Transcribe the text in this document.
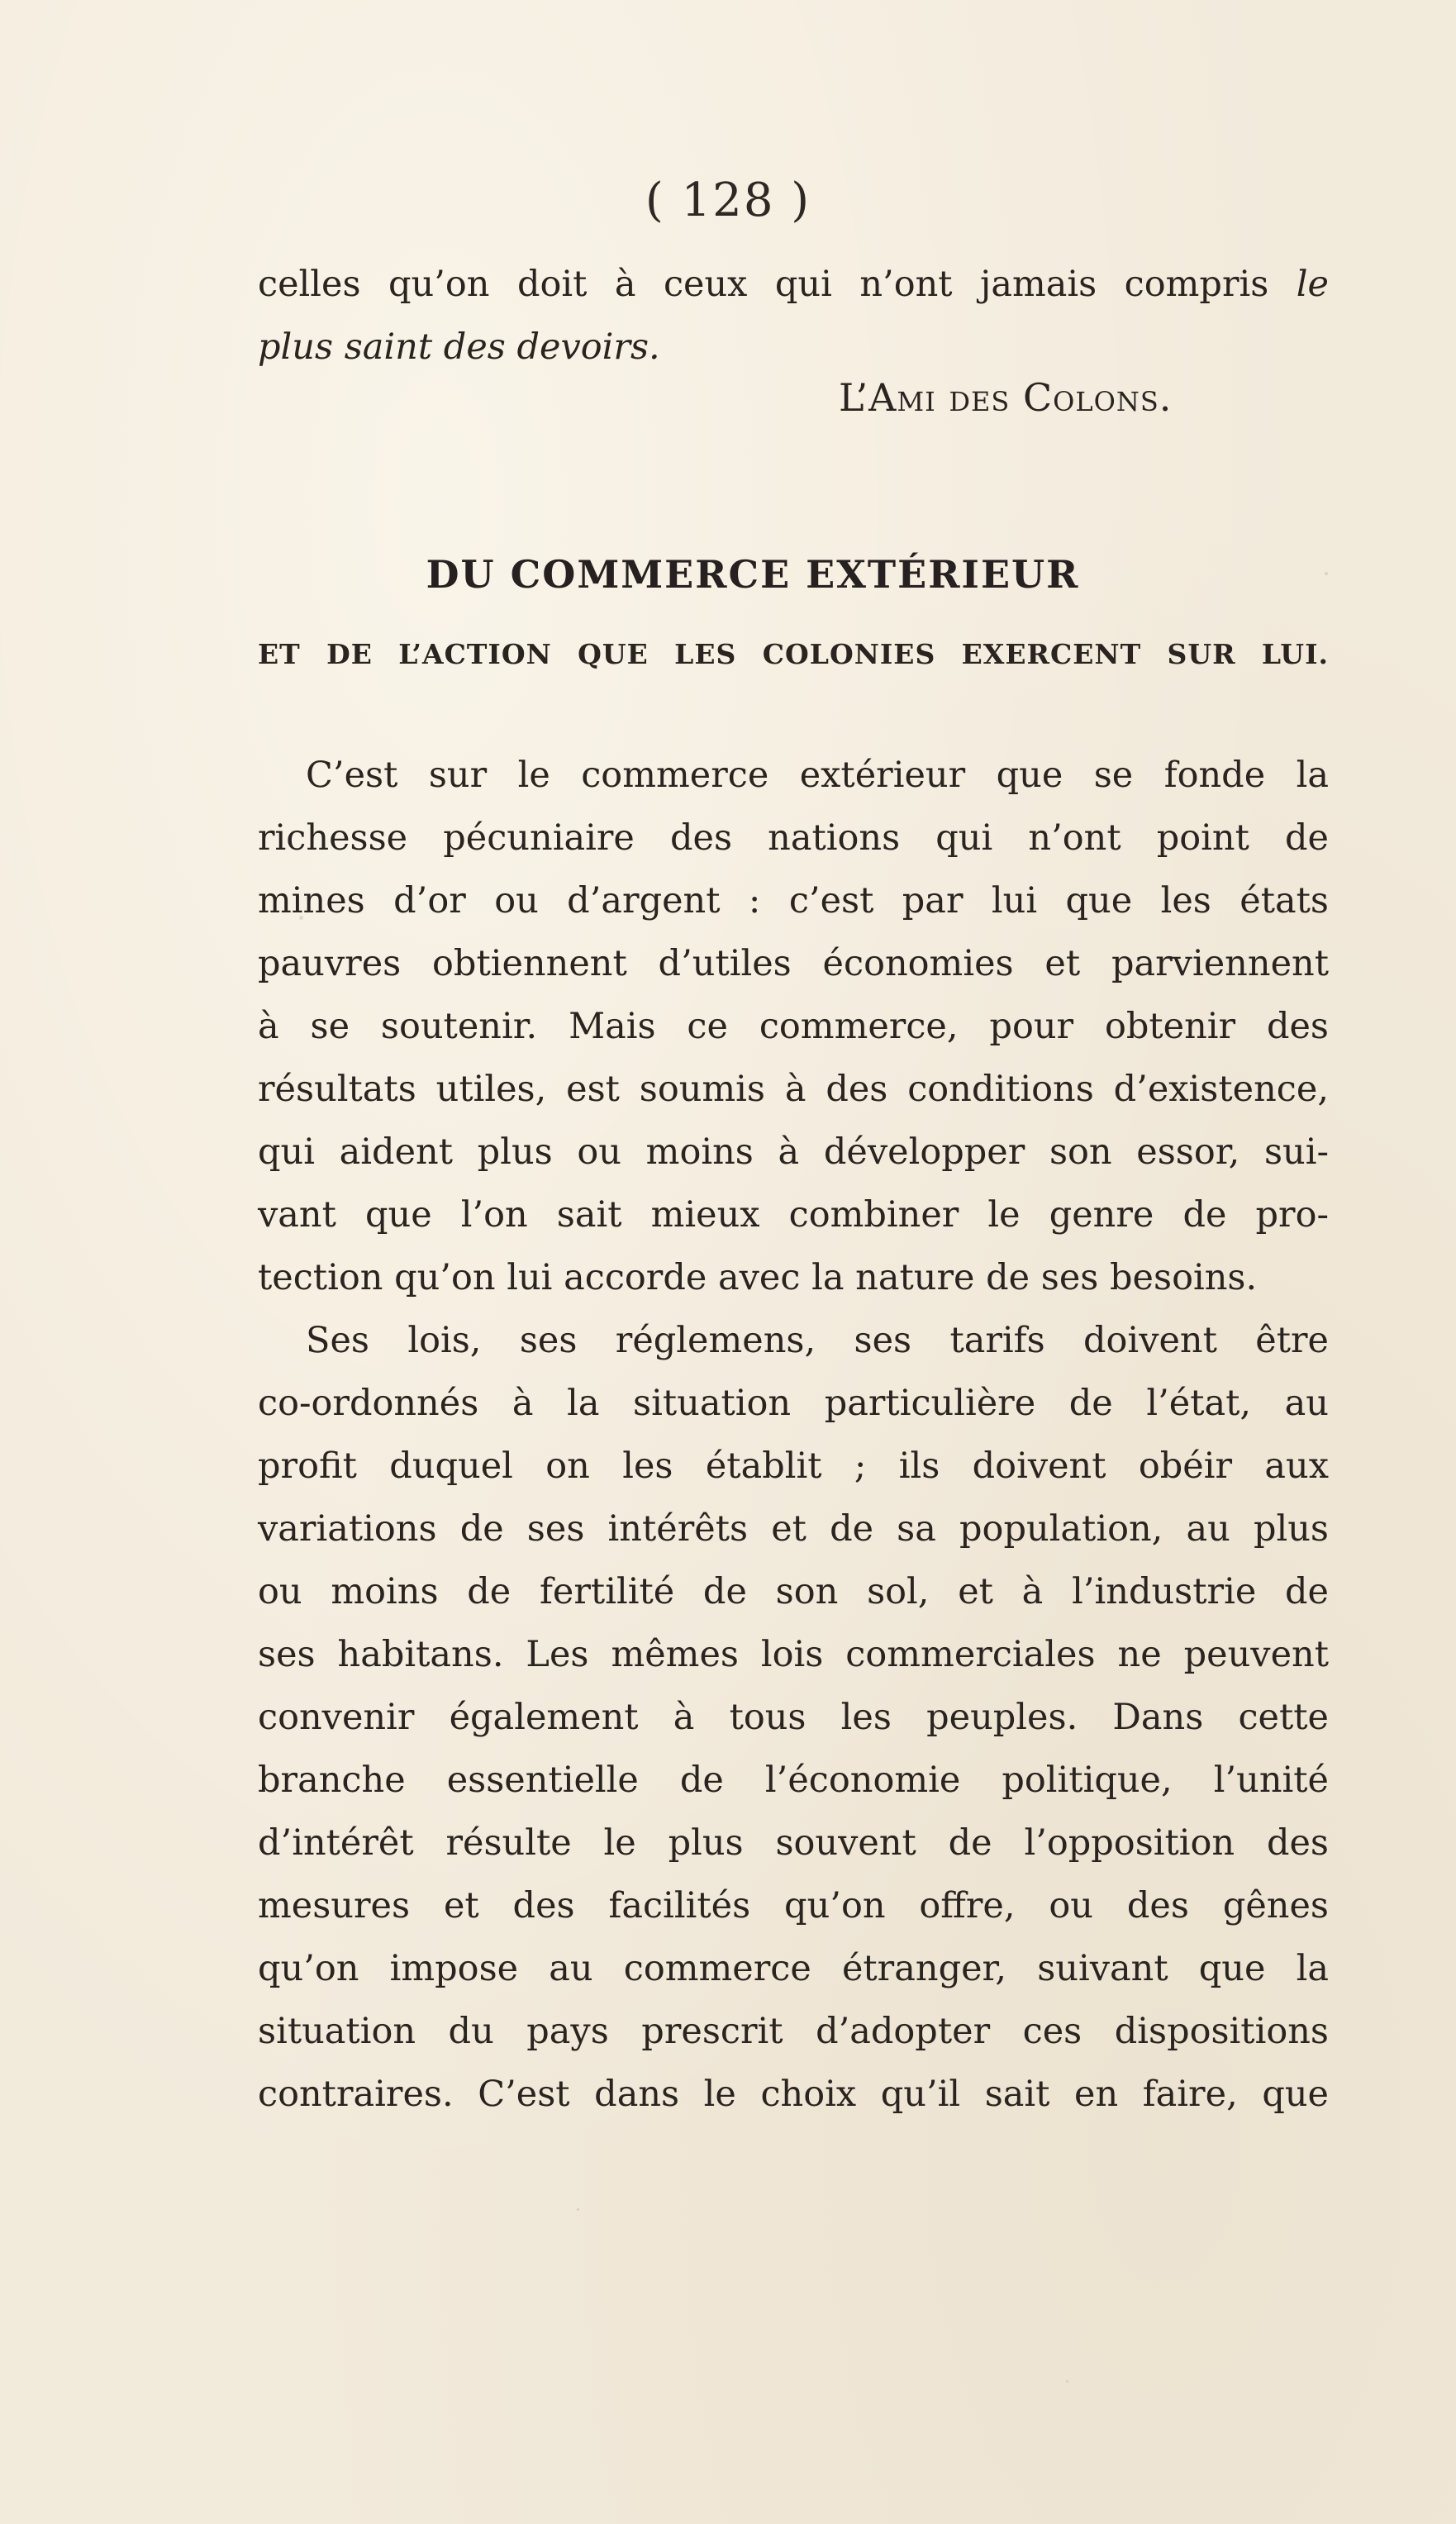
( 128 )
celles qu’on doit à ceux qui n’ont jamais compris le
plus saint des devoirs.
L’Ami des Colons.
DU COMMERCE EXTÉRIEUR
ET DE L’ACTION QUE LES COLONIES EXERCENT SUR LUI.
C’est sur le commerce extérieur que se fonde la
richesse pécuniaire des nations qui n’ont point de
mines d’or ou d’argent : c’est par lui que les états
pauvres obtiennent d’utiles économies et parviennent
à se soutenir. Mais ce commerce, pour obtenir des
résultats utiles, est soumis à des conditions d’existence,
qui aident plus ou moins à développer son essor, sui-
vant que l’on sait mieux combiner le genre de pro-
tection qu’on lui accorde avec la nature de ses besoins.
Ses lois, ses réglemens, ses tarifs doivent être
co-ordonnés à la situation particulière de l’état, au
profit duquel on les établit ; ils doivent obéir aux
variations de ses intérêts et de sa population, au plus
ou moins de fertilité de son sol, et à l’industrie de
ses habitans. Les mêmes lois commerciales ne peuvent
convenir également à tous les peuples. Dans cette
branche essentielle de l’économie politique, l’unité
d’intérêt résulte le plus souvent de l’opposition des
mesures et des facilités qu’on offre, ou des gênes
qu’on impose au commerce étranger, suivant que la
situation du pays prescrit d’adopter ces dispositions
contraires. C’est dans le choix qu’il sait en faire, que
